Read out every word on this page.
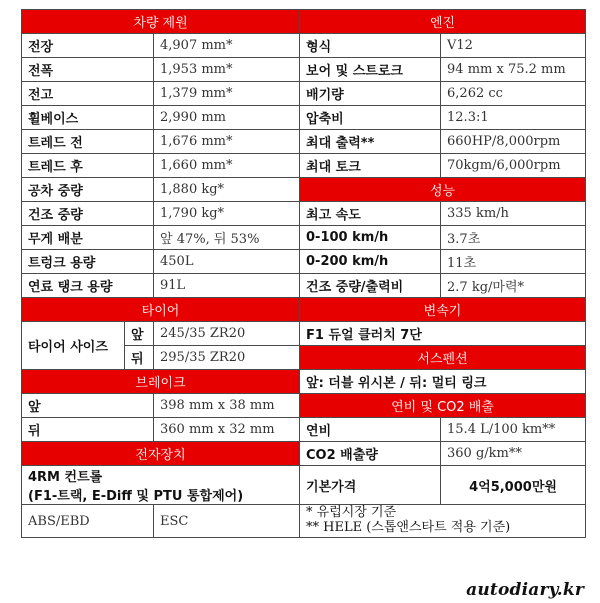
차량 제원			엔진	
전장		4,907 mm*	형식	V12
전폭		1,953 mm*	보어 및 스트로크	94 mm x 75.2 mm
전고		1,379 mm*	배기량	6,262 cc
휠베이스		2,990 mm	압축비	12.3:1
트레드 전		1,676 mm*	최대 출력**	660HP/8,000rpm
트레드 후		1,660 mm*	최대 토크	70kgm/6,000rpm
공차 중량		1,880 kg*	성능	
건조 중량		1,790 kg*	최고 속도	335 km/h
무게 배분		앞 47%, 뒤 53%	0-100 km/h	3.7초
트렁크 용량		450L	0-200 km/h	11초
연료 탱크 용량		91L	건조 중량/출력비	2.7 kg/마력*
타이어			변속기	
타이어 사이즈	앞	245/35 ZR20	F1 듀얼 클러치 7단	
	뒤	295/35 ZR20	서스펜션	
브레이크			앞: 더블 위시본 / 뒤: 멀티 링크	
앞		398 mm x 38 mm	연비 및 CO2 배출	
뒤		360 mm x 32 mm	연비	15.4 L/100 km**
전자장치			CO2 배출량	360 g/km**

4RM 컨트롤
(F1-트랙, E-Diff 및 PTU 통합제어)			기본가격	4억5,000만원
ABS/EBD		ESC	* 유럽시장 기준
** HELE (스톱앤스타트 적용 기준)	
autodiary.kr
